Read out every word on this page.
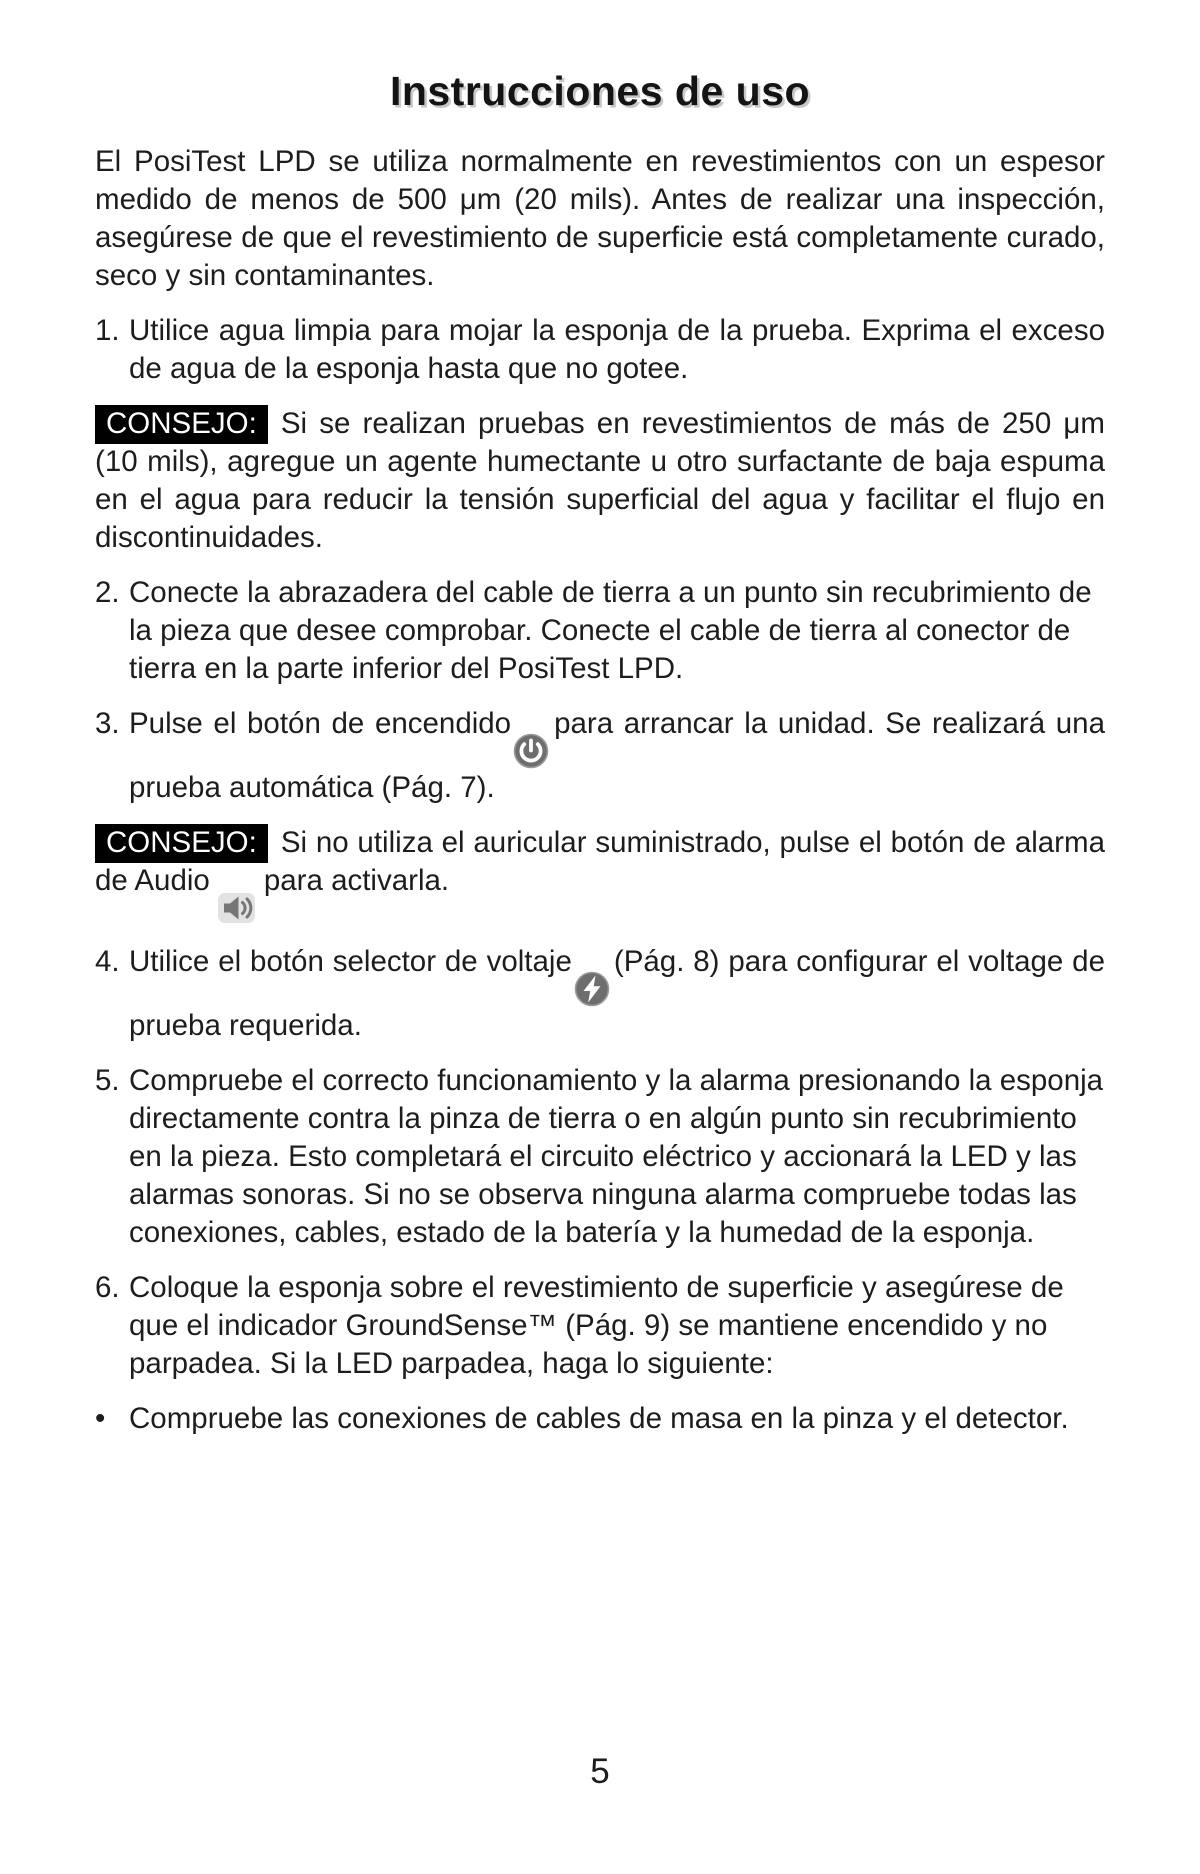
Instrucciones de uso

El PosiTest LPD se utiliza normalmente en revestimientos con un espesor medido de menos de 500 μm (20 mils). Antes de realizar una inspección, asegúrese de que el revestimiento de superficie está completamente curado, seco y sin contaminantes.

1. Utilice agua limpia para mojar la esponja de la prueba. Exprima el exceso de agua de la esponja hasta que no gotee.

CONSEJO: Si se realizan pruebas en revestimientos de más de 250 μm (10 mils), agregue un agente humectante u otro surfactante de baja espuma en el agua para reducir la tensión superficial del agua y facilitar el flujo en discontinuidades.

2. Conecte la abrazadera del cable de tierra a un punto sin recubrimiento de la pieza que desee comprobar. Conecte el cable de tierra al conector de tierra en la parte inferior del PosiTest LPD.
3. Pulse el botón de encendido para arrancar la unidad. Se realizará una prueba automática (Pág. 7).

CONSEJO: Si no utiliza el auricular suministrado, pulse el botón de alarma de Audio para activarla.

4. Utilice el botón selector de voltaje (Pág. 8) para configurar el voltage de prueba requerida.
5. Compruebe el correcto funcionamiento y la alarma presionando la esponja directamente contra la pinza de tierra o en algún punto sin recubrimiento en la pieza. Esto completará el circuito eléctrico y accionará la LED y las alarmas sonoras. Si no se observa ninguna alarma compruebe todas las conexiones, cables, estado de la batería y la humedad de la esponja.
6. Coloque la esponja sobre el revestimiento de superficie y asegúrese de que el indicador GroundSense™ (Pág. 9) se mantiene encendido y no parpadea. Si la LED parpadea, haga lo siguiente:
• Compruebe las conexiones de cables de masa en la pinza y el detector.
5
